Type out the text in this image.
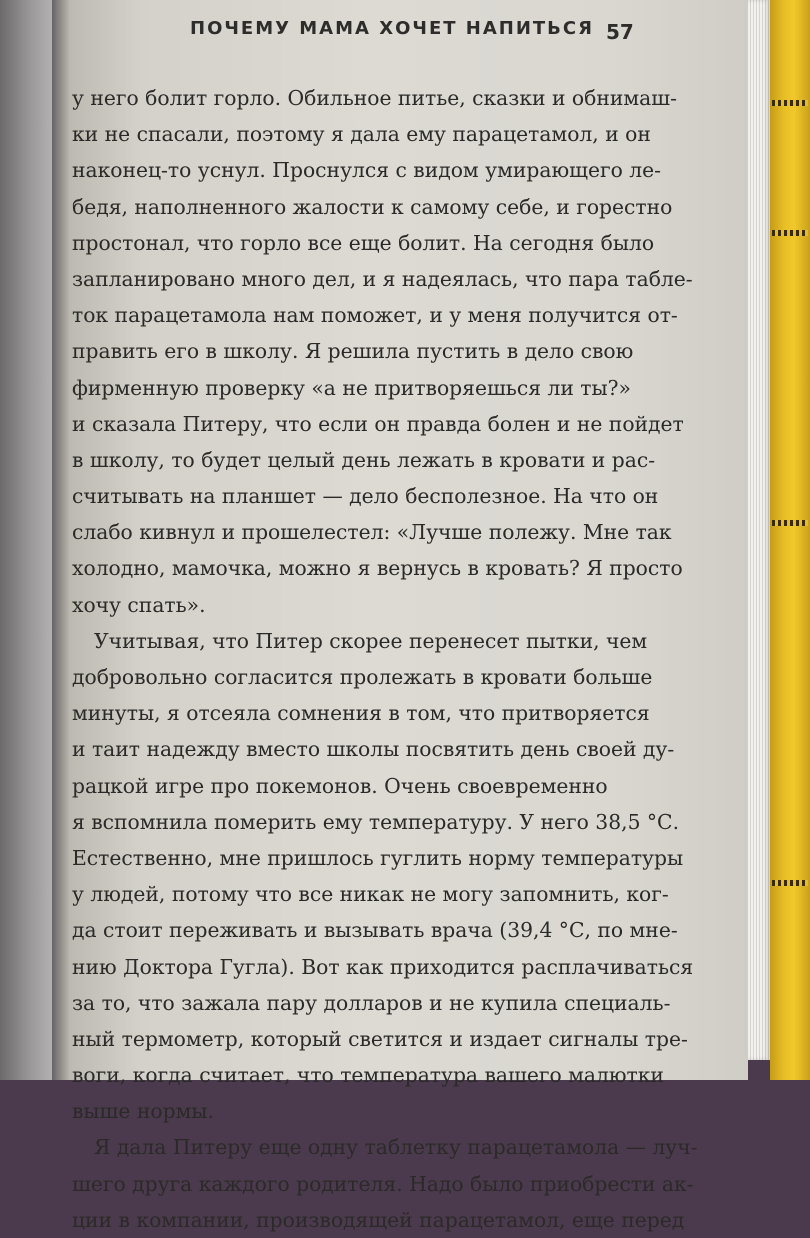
ПОЧЕМУ МАМА ХОЧЕТ НАПИТЬСЯ 57
у него болит горло. Обильное питье, сказки и обнимаш-
ки не спасали, поэтому я дала ему парацетамол, и он
наконец-то уснул. Проснулся с видом умирающего ле-
бедя, наполненного жалости к самому себе, и горестно
простонал, что горло все еще болит. На сегодня было
запланировано много дел, и я надеялась, что пара табле-
ток парацетамола нам поможет, и у меня получится от-
править его в школу. Я решила пустить в дело свою
фирменную проверку «а не притворяешься ли ты?»
и сказала Питеру, что если он правда болен и не пойдет
в школу, то будет целый день лежать в кровати и рас-
считывать на планшет — дело бесполезное. На что он
слабо кивнул и прошелестел: «Лучше полежу. Мне так
холодно, мамочка, можно я вернусь в кровать? Я просто
хочу спать».
Учитывая, что Питер скорее перенесет пытки, чем
добровольно согласится пролежать в кровати больше
минуты, я отсеяла сомнения в том, что притворяется
и таит надежду вместо школы посвятить день своей ду-
рацкой игре про покемонов. Очень своевременно
я вспомнила померить ему температуру. У него 38,5 °С.
Естественно, мне пришлось гуглить норму температуры
у людей, потому что все никак не могу запомнить, ког-
да стоит переживать и вызывать врача (39,4 °С, по мне-
нию Доктора Гугла). Вот как приходится расплачиваться
за то, что зажала пару долларов и не купила специаль-
ный термометр, который светится и издает сигналы тре-
воги, когда считает, что температура вашего малютки
выше нормы.
Я дала Питеру еще одну таблетку парацетамола — луч-
шего друга каждого родителя. Надо было приобрести ак-
ции в компании, производящей парацетамол, еще перед
